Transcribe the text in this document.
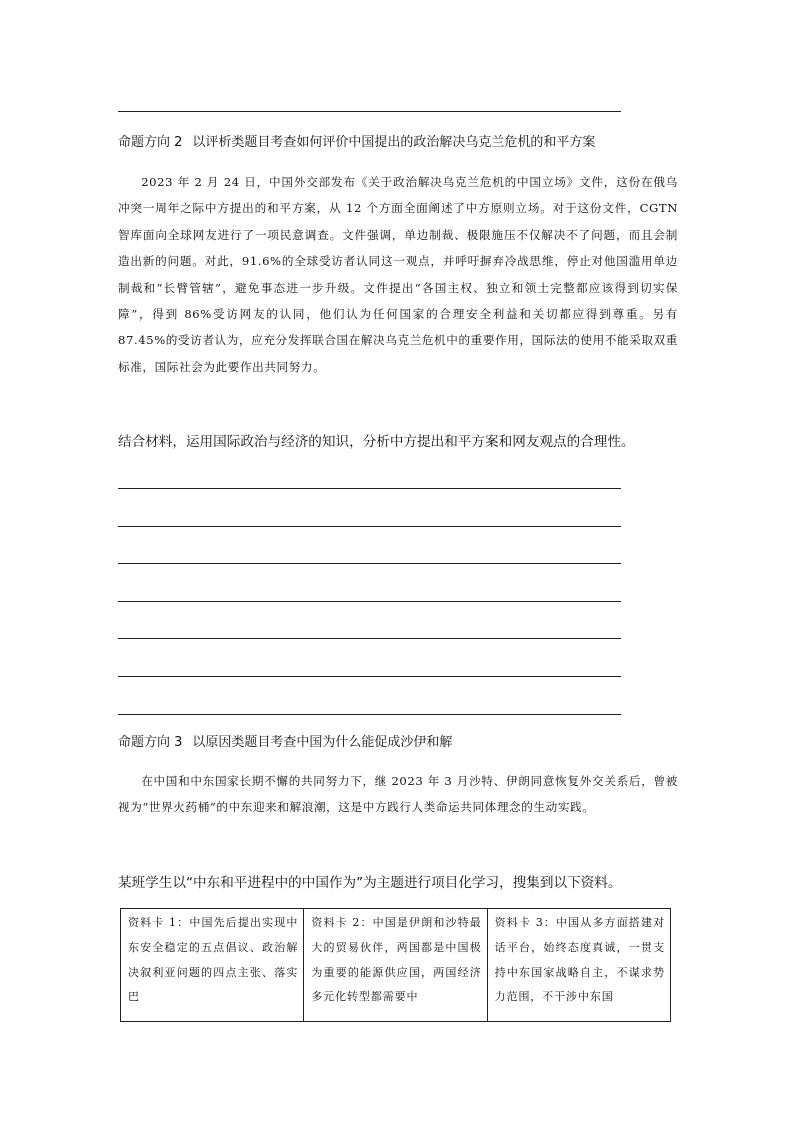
命题方向 2 以评析类题目考查如何评价中国提出的政治解决乌克兰危机的和平方案
2023 年 2 月 24 日，中国外交部发布《关于政治解决乌克兰危机的中国立场》文件，这份在俄乌冲突一周年之际中方提出的和平方案，从 12 个方面全面阐述了中方原则立场。对于这份文件，CGTN 智库面向全球网友进行了一项民意调查。文件强调，单边制裁、极限施压不仅解决不了问题，而且会制造出新的问题。对此，91.6%的全球受访者认同这一观点，并呼吁摒弃冷战思维，停止对他国滥用单边制裁和“长臂管辖”，避免事态进一步升级。文件提出“各国主权、独立和领土完整都应该得到切实保障”，得到 86%受访网友的认同，他们认为任何国家的合理安全利益和关切都应得到尊重。另有 87.45%的受访者认为，应充分发挥联合国在解决乌克兰危机中的重要作用，国际法的使用不能采取双重标准，国际社会为此要作出共同努力。
结合材料，运用国际政治与经济的知识，分析中方提出和平方案和网友观点的合理性。
命题方向 3 以原因类题目考查中国为什么能促成沙伊和解
在中国和中东国家长期不懈的共同努力下，继 2023 年 3 月沙特、伊朗同意恢复外交关系后，曾被视为“世界火药桶”的中东迎来和解浪潮，这是中方践行人类命运共同体理念的生动实践。
某班学生以“中东和平进程中的中国作为”为主题进行项目化学习，搜集到以下资料。
资料卡 1：中国先后提出实现中东安全稳定的五点倡议、政治解决叙利亚问题的四点主张、落实巴
资料卡 2：中国是伊朗和沙特最大的贸易伙伴，两国都是中国极为重要的能源供应国，两国经济多元化转型都需要中
资料卡 3：中国从多方面搭建对话平台，始终态度真诚，一贯支持中东国家战略自主，不谋求势力范围，不干涉中东国
